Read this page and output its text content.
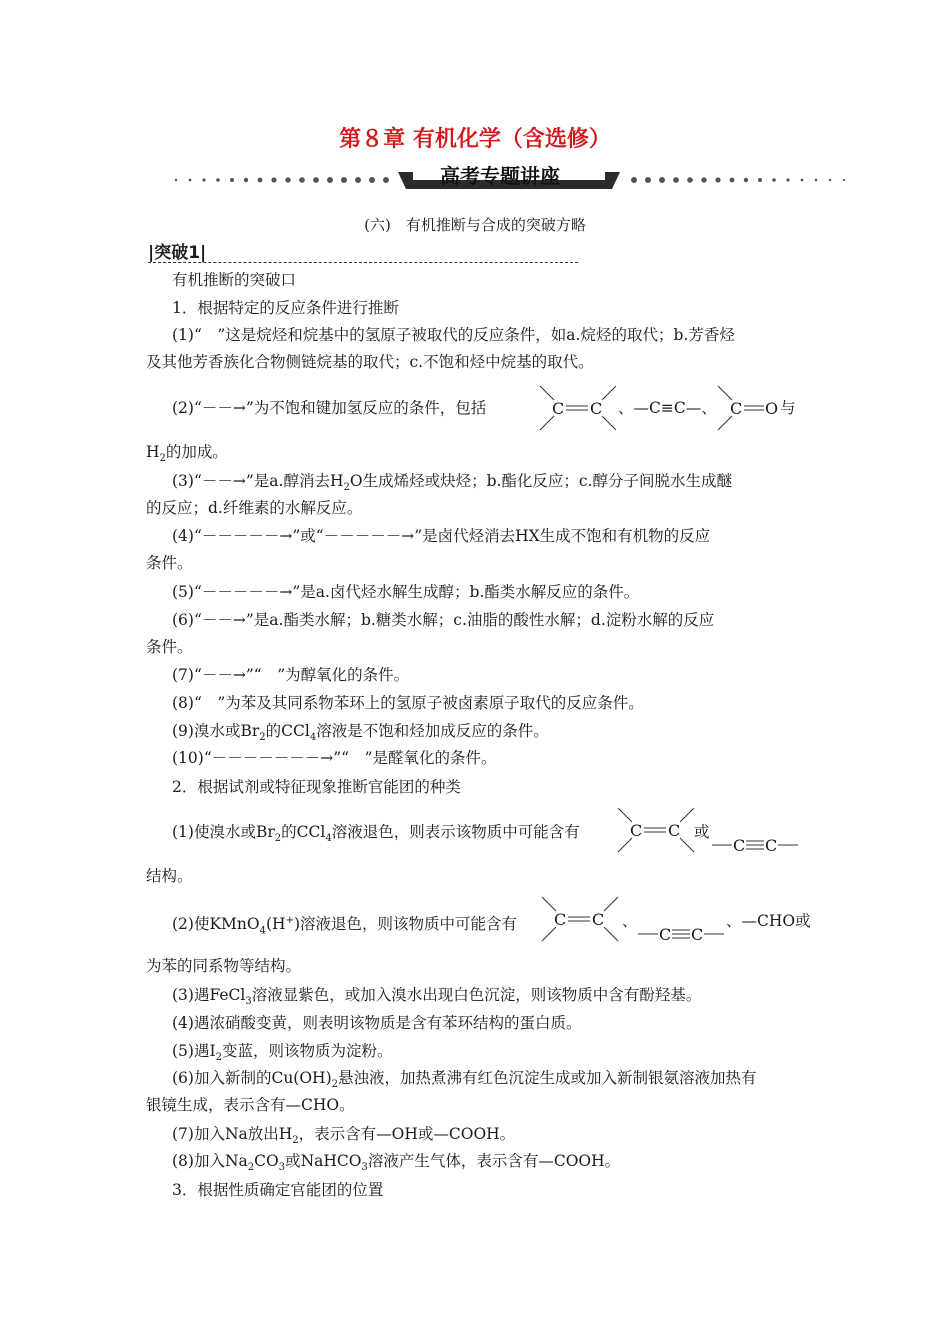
第８章 有机化学（含选修）
高考专题讲座
(六)　有机推断与合成的突破方略
|突破1|
有机推断的突破口
1．根据特定的反应条件进行推断
(1)“　”这是烷烃和烷基中的氢原子被取代的反应条件，如a.烷烃的取代；b.芳香烃
及其他芳香族化合物侧链烷基的取代；c.不饱和烃中烷基的取代。
(2)“－－→”为不饱和键加氢反应的条件，包括	C C 、—C≡C—、 C O 与
$H_2$的加成。
(3)“－－→”是a.醇消去$H_2O$生成烯烃或炔烃；b.酯化反应；c.醇分子间脱水生成醚
的反应；d.纤维素的水解反应。
(4)“－－－－－→”或“－－－－－→”是卤代烃消去HX生成不饱和有机物的反应
条件。
(5)“－－－－－→”是a.卤代烃水解生成醇；b.酯类水解反应的条件。
(6)“－－→”是a.酯类水解；b.糖类水解；c.油脂的酸性水解；d.淀粉水解的反应
条件。
(7)“－－→”“　”为醇氧化的条件。
(8)“　”为苯及其同系物苯环上的氢原子被卤素原子取代的反应条件。
(9)溴水或$Br_2$的CCl$_4$溶液是不饱和烃加成反应的条件。
(10)“－－－－－－－→”“　”是醛氧化的条件。
2．根据试剂或特征现象推断官能团的种类
(1)使溴水或$Br_2$的CCl$_4$溶液退色，则表示该物质中可能含有	C C 或
C C
结构。
(2)使KMnO$_4$(H+)溶液退色，则该物质中可能含有 C C 、
C C
、—CHO或
为苯的同系物等结构。
(3)遇FeCl$_3$溶液显紫色，或加入溴水出现白色沉淀，则该物质中含有酚羟基。
(4)遇浓硝酸变黄，则表明该物质是含有苯环结构的蛋白质。
(5)遇$I_2$变蓝，则该物质为淀粉。
(6)加入新制的$Cu(OH)_2$悬浊液，加热煮沸有红色沉淀生成或加入新制银氨溶液加热有
银镜生成，表示含有—CHO。
(7)加入Na放出$H_2$，表示含有—OH或—COOH。
(8)加入$Na_2CO_3$或NaHCO$_3$溶液产生气体，表示含有—COOH。
3．根据性质确定官能团的位置
